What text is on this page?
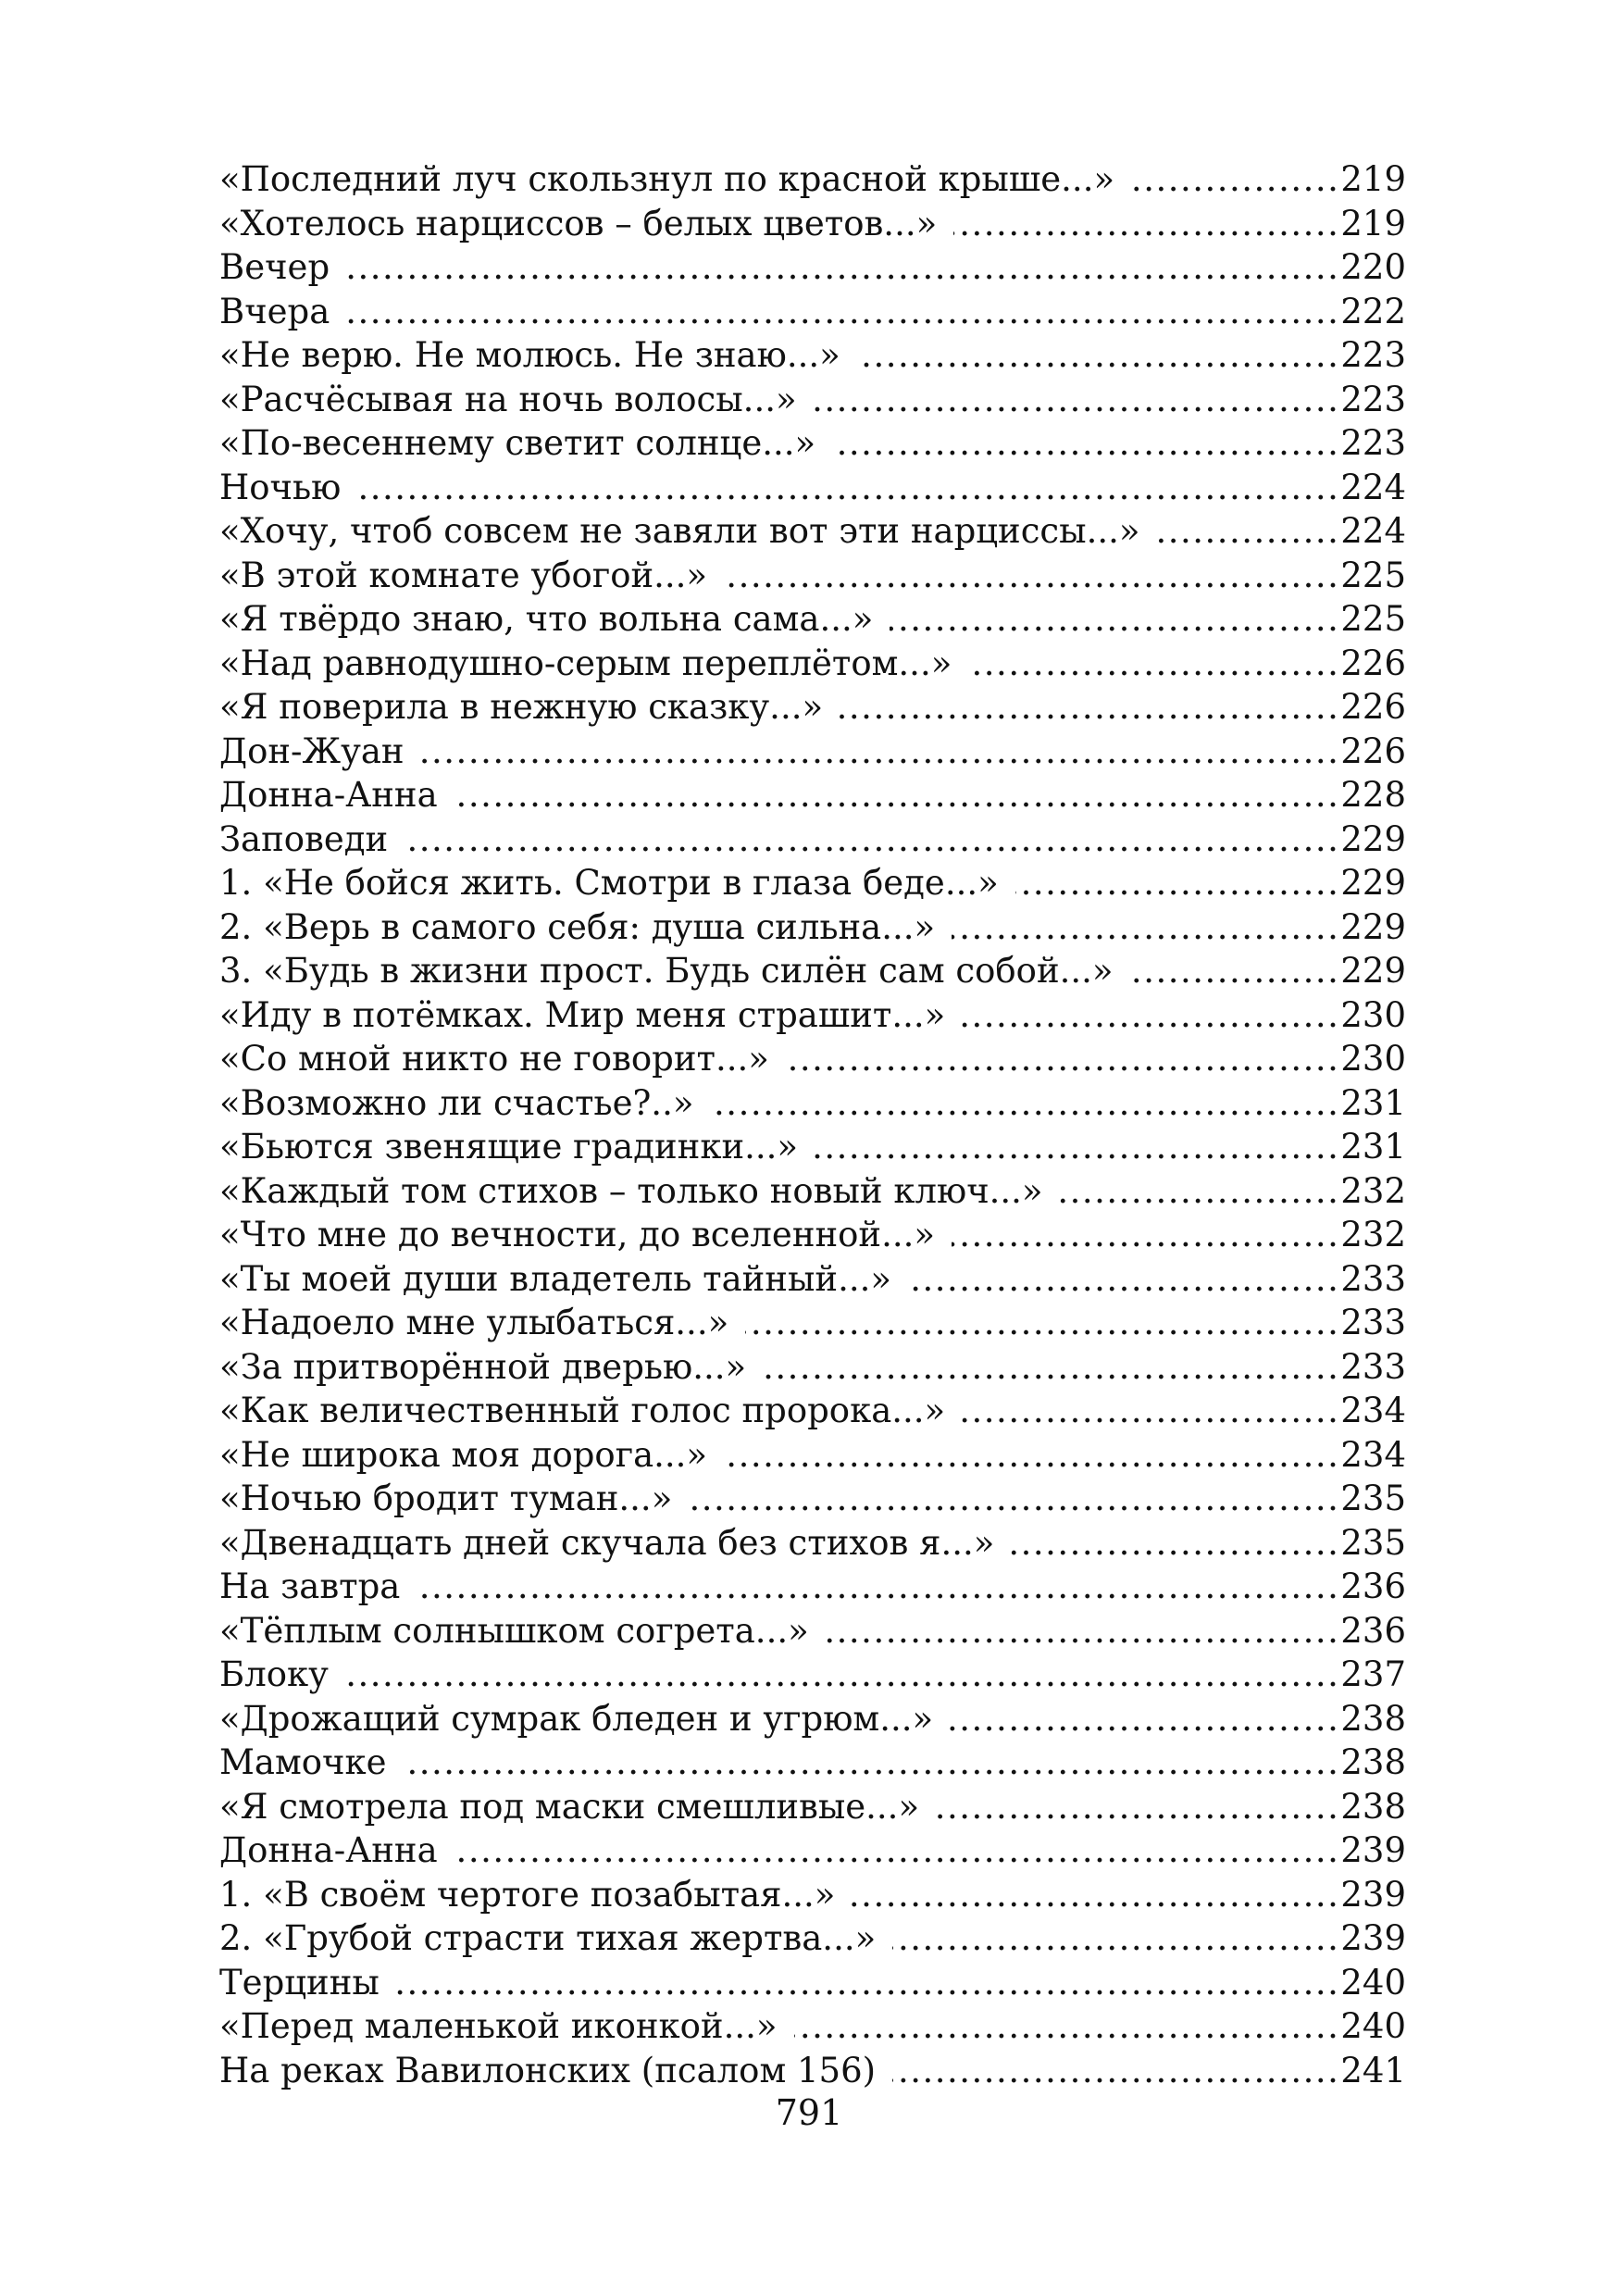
«Последний луч скользнул по красной крыше...» .....	219
«Хотелось нарциссов – белых цветов...» .....	219
Вечер .....	220
Вчера .....	222
«Не верю. Не молюсь. Не знаю...» .....	223
«Расчёсывая на ночь волосы...» .....	223
«По-весеннему светит солнце...» .....	223
Ночью .....	224
«Хочу, чтоб совсем не завяли вот эти нарциссы...» .....	224
«В этой комнате убогой...» .....	225
«Я твёрдо знаю, что вольна сама...» .....	225
«Над равнодушно-серым переплётом...» .....	226
«Я поверила в нежную сказку...» .....	226
Дон-Жуан .....	226
Донна-Анна .....	228
Заповеди .....	229
1. «Не бойся жить. Смотри в глаза беде...» .....	229
2. «Верь в самого себя: душа сильна...» .....	229
3. «Будь в жизни прост. Будь силён сам собой...» .....	229
«Иду в потёмках. Мир меня страшит...» .....	230
«Со мной никто не говорит...» .....	230
«Возможно ли счастье?..» .....	231
«Бьются звенящие градинки...» .....	231
«Каждый том стихов – только новый ключ...» .....	232
«Что мне до вечности, до вселенной...» .....	232
«Ты моей души владетель тайный...» .....	233
«Надоело мне улыбаться...» .....	233
«За притворённой дверью...» .....	233
«Как величественный голос пророка...» .....	234
«Не широка моя дорога...» .....	234
«Ночью бродит туман...» .....	235
«Двенадцать дней скучала без стихов я...» .....	235
На завтра .....	236
«Тёплым солнышком согрета...» .....	236
Блоку .....	237
«Дрожащий сумрак бледен и угрюм...» .....	238
Мамочке .....	238
«Я смотрела под маски смешливые...» .....	238
Донна-Анна .....	239
1. «В своём чертоге позабытая...» .....	239
2. «Грубой страсти тихая жертва...» .....	239
Терцины .....	240
«Перед маленькой иконкой...» .....	240
На реках Вавилонских (псалом 156) .....	241
791
